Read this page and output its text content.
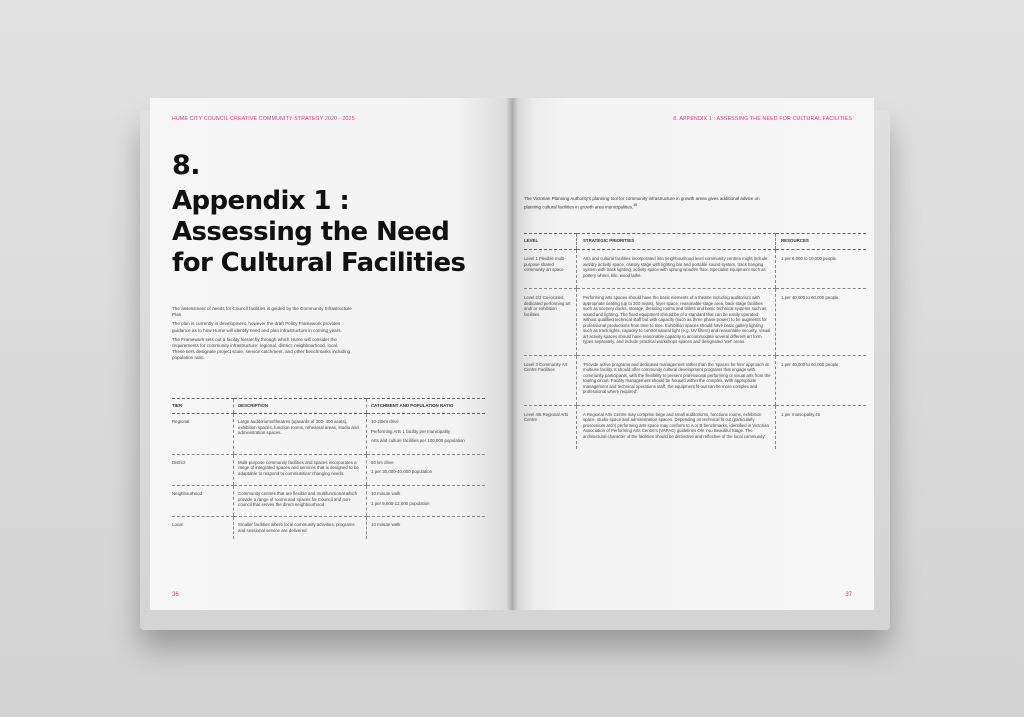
HUME CITY COUNCIL CREATIVE COMMUNITY STRATEGY 2020 - 2025
8.
Appendix 1 :
Assessing the Need
for Cultural Facilities

The assessment of needs for Council facilities is guided by the Community Infrastructure Plan.

The plan is currently in development, however the draft Policy Framework provides guidance as to how Hume will identify need and plan infrastructure in coming years.

The Framework sets out a facility hierarchy through which Hume will consider the requirements for community infrastructure: regional, district, neighbourhood, local. These tiers designate project scale, service catchment, and other benchmarks including population ratio.

TIER	DESCRIPTION	CATCHMENT AND POPULATION RATIO
Regional	Large auditoriums/theatres (upwards of 300- 400 seats), exhibition spaces, function rooms, rehearsal areas, studio and administration spaces.	10-20km drive
Performing Arts 1 facility per municipality
Arts and culture facilities per 100,000 population

District	Multi-purpose community facilities and spaces incorporates a range of integrated spaces and services that is designed to be adaptable to respond to communities' changing needs.	50 km drive
1 per 30,000-40,000 population

Neighbourhood	Community centres that are flexible and multifunctional which provide a range of rooms and spaces for Council and non-council that serves the direct neighbourhood	10 minute walk
1 per 8,000-12,000 population

Local	Smaller facilities where local community activities, programs and sessional service are delivered	10 minute walk
36
8. APPENDIX 1 : ASSESSING THE NEED FOR CULTURAL FACILITIES
The Victorian Planning Authority's planning tool for community infrastructure in growth areas gives additional advice on planning cultural facilities in growth area municipalities.$^{45}$
LEVEL	STRATEGIC PRIORITIES	RESOURCES
Level 1 Flexible multi-purpose shared community art space	Arts and cultural facilities incorporated into neighbourhood level community centres might include: wet/dry activity space, oratory stage with lighting bar and portable sound system, track hanging system with track lighting, activity space with sprung wooden floor. Specialist equipment such as pottery wheel, kiln, wood lathe.	1 per 8,000 to 10,000 people.
Level 2/3 Co-located, dedicated performing art and/ or exhibition facilities.	Performing arts spaces should have the basic elements of a theatre including auditorium with appropriate seating (up to 300 seats), foyer space, reasonable stage area, back stage facilities such as scenery docks, storage, dressing rooms and toilets and basic technical systems such as sound and lighting. The fixed equipment should be of a standard that can be easily operated without qualified technical staff but with capacity (such as three phase power) to be augments for professional productions from time to time. Exhibition spaces should have basic gallery lighting such as track lights, capacity to control natural light (e.g. UV filters) and reasonable security. Visual art activity spaces should have reasonable capacity to accommodate several different art form types separately, and include practical workshops spaces and designated 'wet' areas.	1 per 40,000 to 60,000 people.
Level 3 Community Art Centre Facilities	'Provide active programs and dedicated management rather than the 'spaces for hire' approach at multiuse facility. It should offer community cultural development programs that engage with community participants, with the flexibility to present professional performing or visual arts from the touring circuit. Facility management should be housed within the complex. With appropriate management and technical operations staff, the equipment fit-out can be more complex and professional where required'.	1 per 40,000 to 60,000 people
Level 4/5 Regional Arts Centre	A Regional Arts Centre may comprise large and small auditoriums, functions rooms, exhibition space, studio space and administration spaces. Depending on technical fit out (particularly proscenium arch) performing arts space may conform to A or B benchmarks, identified in Victorian Association of Performing Arts Centre's (VAPAC) guidelines Oh! You Beautiful Stage. The architectural character of the facilities should be distinctive and reflective of the local community'.	1 per municipality.46
37
